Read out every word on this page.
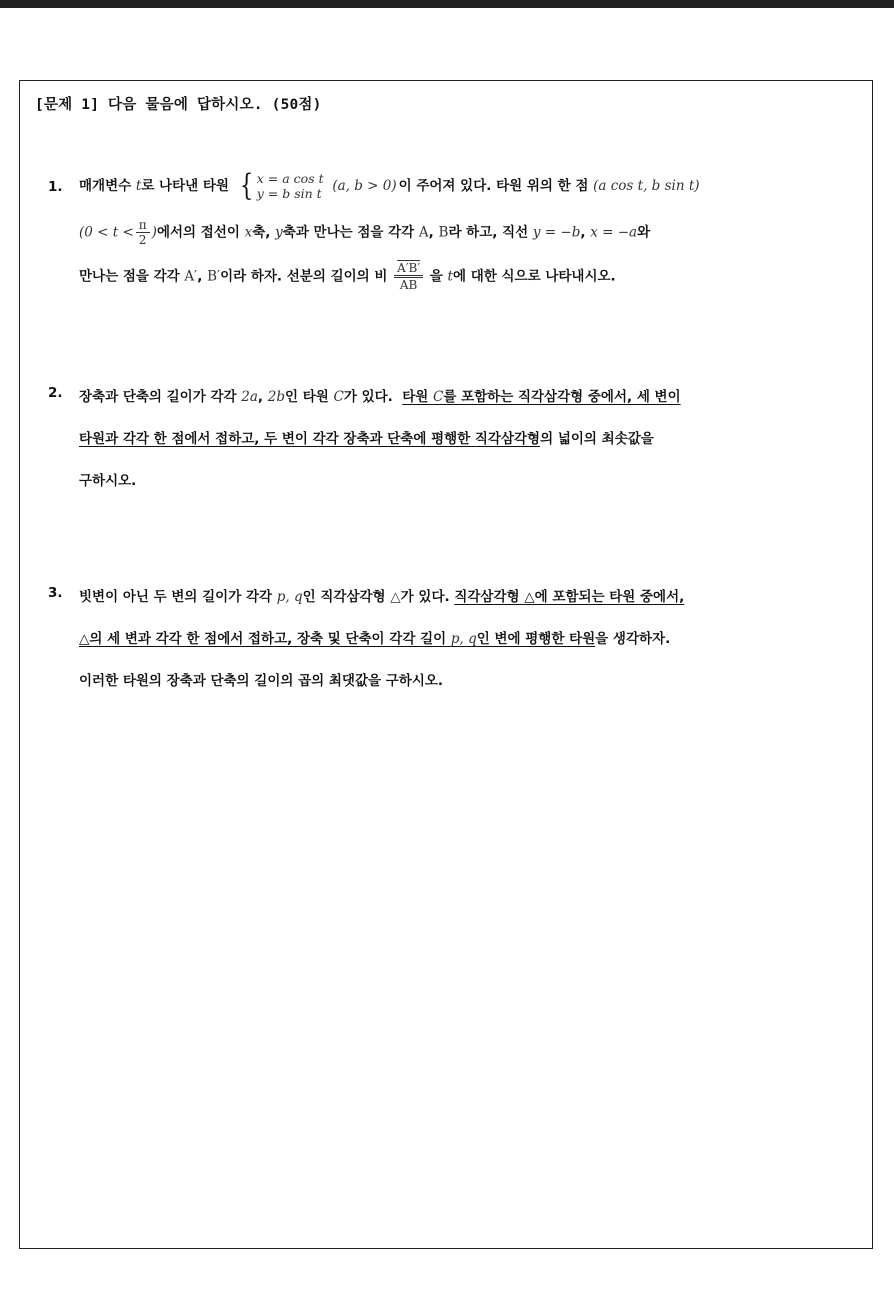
[문제 1] 다음 물음에 답하시오. (50점)
1. 매개변수 t로 나타낸 타원 { x = a cos t
y = b sin t (a, b > 0) 이 주어져 있다. 타원 위의 한 점 (a cos t, b sin t)
($0 < t < \frac{\pi}{2}$ )에서의 접선이 x축, y축과 만나는 점을 각각 A, B라 하고, 직선 y = −b, x = −a와
만나는 점을 각각 A′, B′이라 하자. 선분의 길이의 비 $\frac{A'B'}{AB}$ 을 t에 대한 식으로 나타내시오.
2. 장축과 단축의 길이가 각각 2a, 2b인 타원 C가 있다. 타원 C를 포함하는 직각삼각형 중에서, 세 변이
타원과 각각 한 점에서 접하고, 두 변이 각각 장축과 단축에 평행한 직각삼각형의 넓이의 최솟값을
구하시오.
3. 빗변이 아닌 두 변의 길이가 각각 p, q인 직각삼각형 △가 있다. 직각삼각형 △에 포함되는 타원 중에서,
△의 세 변과 각각 한 점에서 접하고, 장축 및 단축이 각각 길이 p, q인 변에 평행한 타원을 생각하자.
이러한 타원의 장축과 단축의 길이의 곱의 최댓값을 구하시오.
